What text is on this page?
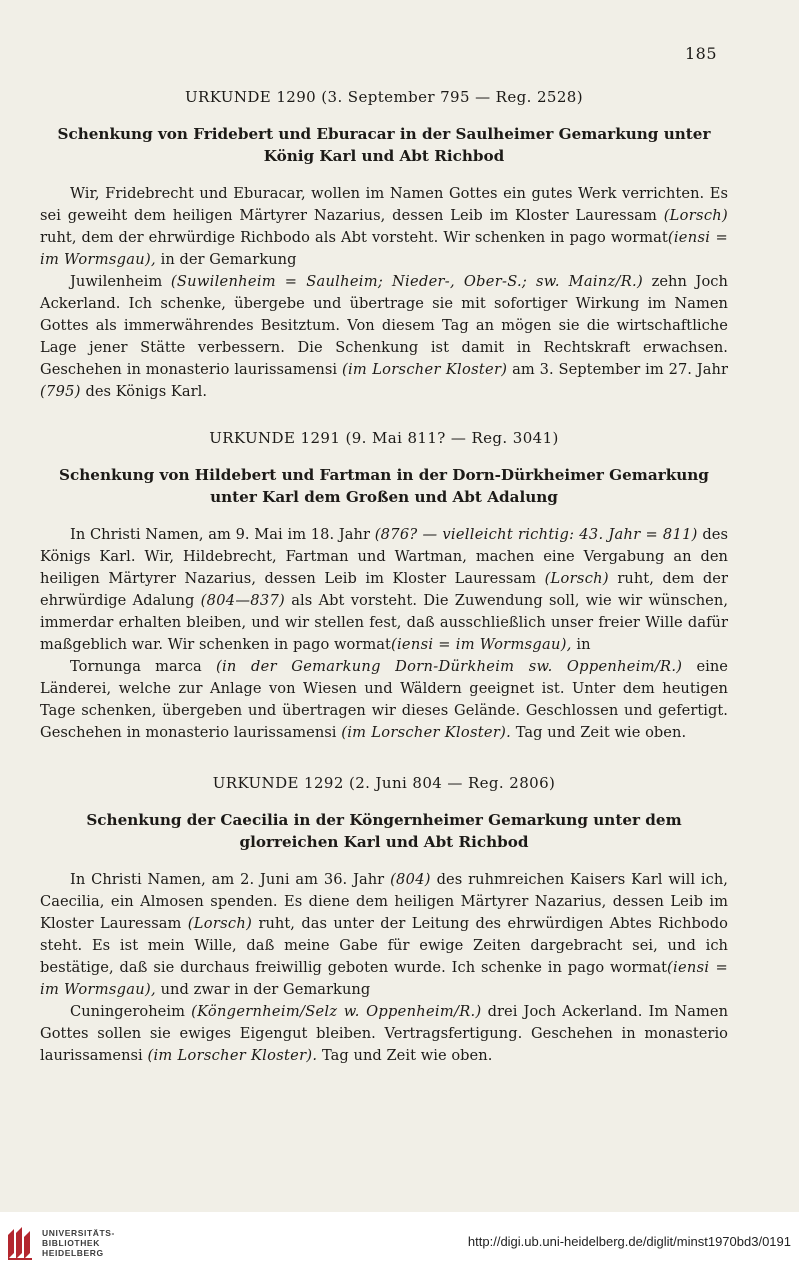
185
URKUNDE 1290 (3. September 795 — Reg. 2528)
Schenkung von Fridebert und Eburacar in der Saulheimer Gemarkung unter König Karl und Abt Richbod

Wir, Fridebrecht und Eburacar, wollen im Namen Gottes ein gutes Werk verrichten. Es sei geweiht dem heiligen Märtyrer Nazarius, dessen Leib im Kloster Lauressam (Lorsch) ruht, dem der ehrwürdige Richbodo als Abt vorsteht. Wir schenken in pago wormat(iensi = im Wormsgau), in der Gemarkung

Juwilenheim (Suwilenheim = Saulheim; Nieder-, Ober-S.; sw. Mainz/R.) zehn Joch Ackerland. Ich schenke, übergebe und übertrage sie mit sofortiger Wirkung im Namen Gottes als immerwährendes Besitztum. Von diesem Tag an mögen sie die wirtschaftliche Lage jener Stätte verbessern. Die Schenkung ist damit in Rechtskraft erwachsen. Geschehen in monasterio laurissamensi (im Lorscher Kloster) am 3. September im 27. Jahr (795) des Königs Karl.

URKUNDE 1291 (9. Mai 811? — Reg. 3041)
Schenkung von Hildebert und Fartman in der Dorn-Dürkheimer Gemarkung unter Karl dem Großen und Abt Adalung

In Christi Namen, am 9. Mai im 18. Jahr (876? — vielleicht richtig: 43. Jahr = 811) des Königs Karl. Wir, Hildebrecht, Fartman und Wartman, machen eine Vergabung an den heiligen Märtyrer Nazarius, dessen Leib im Kloster Lauressam (Lorsch) ruht, dem der ehrwürdige Adalung (804—837) als Abt vorsteht. Die Zuwendung soll, wie wir wünschen, immerdar erhalten bleiben, und wir stellen fest, daß ausschließlich unser freier Wille dafür maßgeblich war. Wir schenken in pago wormat(iensi = im Wormsgau), in

Tornunga marca (in der Gemarkung Dorn-Dürkheim sw. Oppenheim/R.) eine Länderei, welche zur Anlage von Wiesen und Wäldern geeignet ist. Unter dem heutigen Tage schenken, übergeben und übertragen wir dieses Gelände. Geschlossen und gefertigt. Geschehen in monasterio laurissamensi (im Lorscher Kloster). Tag und Zeit wie oben.

URKUNDE 1292 (2. Juni 804 — Reg. 2806)
Schenkung der Caecilia in der Köngernheimer Gemarkung unter dem glorreichen Karl und Abt Richbod

In Christi Namen, am 2. Juni am 36. Jahr (804) des ruhmreichen Kaisers Karl will ich, Caecilia, ein Almosen spenden. Es diene dem heiligen Märtyrer Nazarius, dessen Leib im Kloster Lauressam (Lorsch) ruht, das unter der Leitung des ehrwürdigen Abtes Richbodo steht. Es ist mein Wille, daß meine Gabe für ewige Zeiten dargebracht sei, und ich bestätige, daß sie durchaus freiwillig geboten wurde. Ich schenke in pago wormat(iensi = im Wormsgau), und zwar in der Gemarkung

Cuningeroheim (Köngernheim/Selz w. Oppenheim/R.) drei Joch Ackerland. Im Namen Gottes sollen sie ewiges Eigengut bleiben. Vertragsfertigung. Geschehen in monasterio laurissamensi (im Lorscher Kloster). Tag und Zeit wie oben.

UNIVERSITÄTS-
BIBLIOTHEK
HEIDELBERG
http://digi.ub.uni-heidelberg.de/diglit/minst1970bd3/0191
